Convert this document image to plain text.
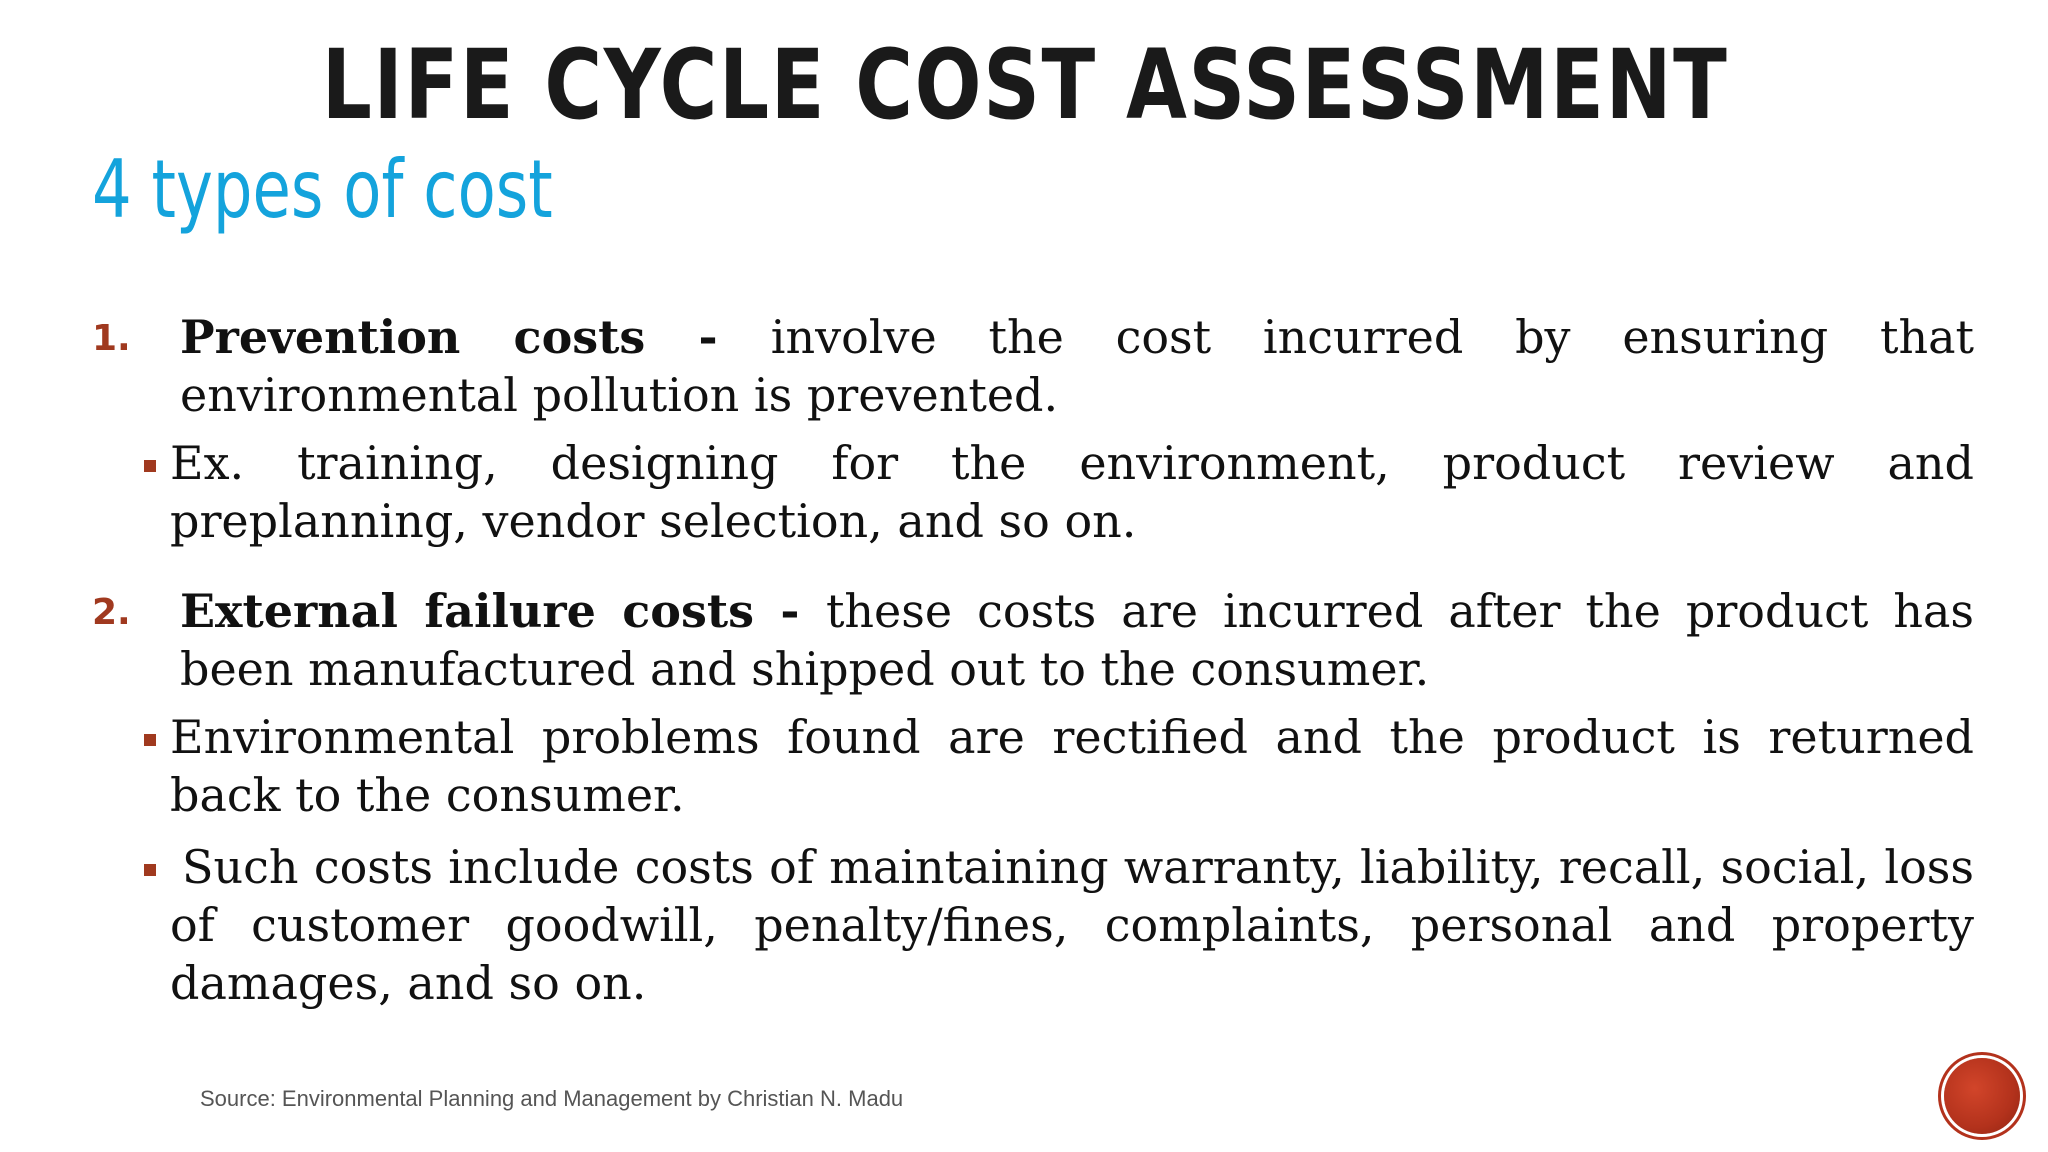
LIFE CYCLE COST ASSESSMENT
4 types of cost
1. Prevention costs - involve the cost incurred by ensuring that environmental pollution is prevented.
Ex. training, designing for the environment, product review and preplanning, vendor selection, and so on.
2. External failure costs - these costs are incurred after the product has been manufactured and shipped out to the consumer.
Environmental problems found are rectified and the product is returned back to the consumer.
Such costs include costs of maintaining warranty, liability, recall, social, loss of customer goodwill, penalty/fines, complaints, personal and property damages, and so on.
Source: Environmental Planning and Management by Christian N. Madu
